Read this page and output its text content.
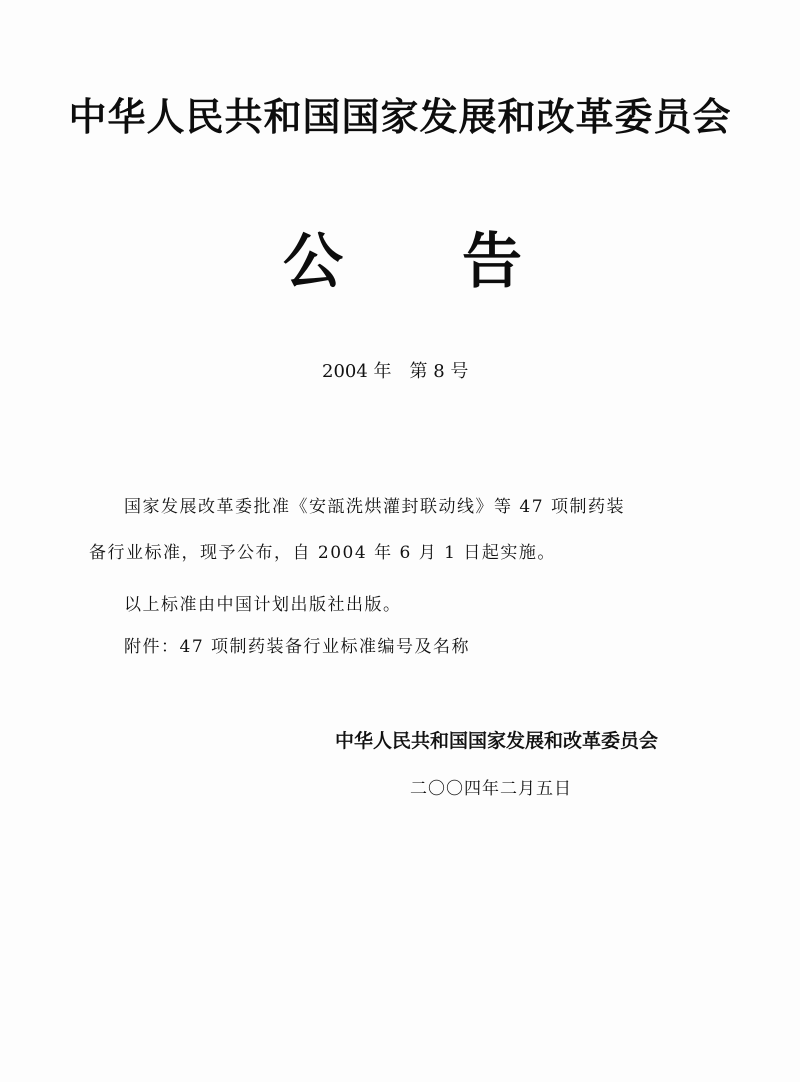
中华人民共和国国家发展和改革委员会
公 告
2004 年 第 8 号
国家发展改革委批准《安瓿洗烘灌封联动线》等 47 项制药装
备行业标准，现予公布，自 2004 年 6 月 1 日起实施。
以上标准由中国计划出版社出版。
附件：47 项制药装备行业标准编号及名称
中华人民共和国国家发展和改革委员会
二〇〇四年二月五日
